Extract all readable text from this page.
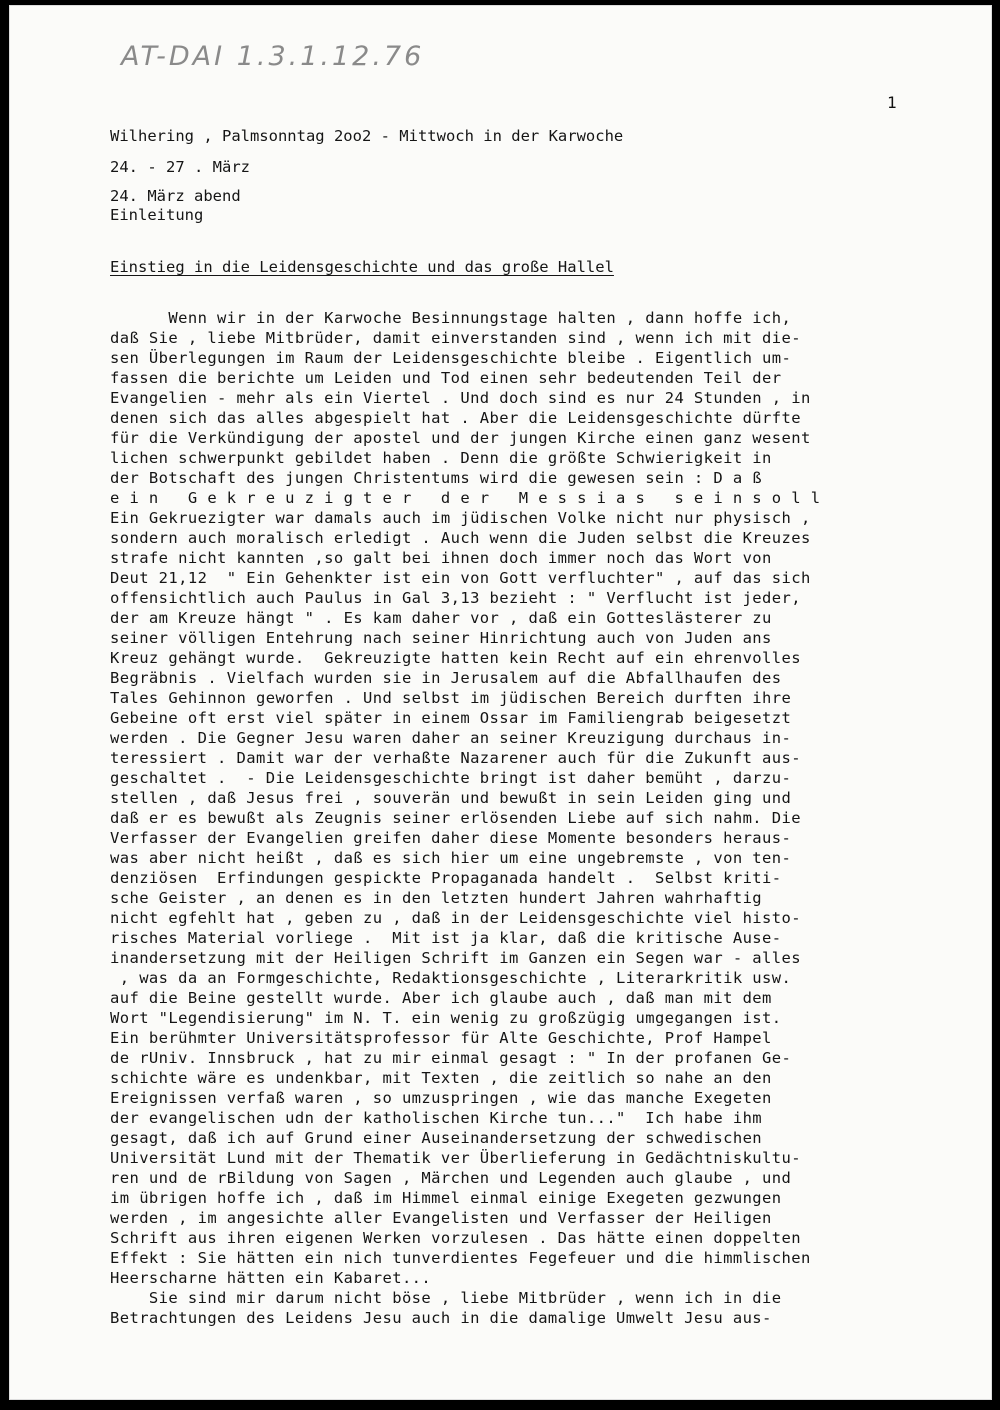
AT-DAI 1.3.1.12.76
1
Wilhering , Palmsonntag 2oo2 - Mittwoch in der Karwoche
24. - 27 . März
24. März abend
Einleitung
Einstieg in die Leidensgeschichte und das große Hallel
Wenn wir in der Karwoche Besinnungstage halten , dann hoffe ich,
daß Sie , liebe Mitbrüder, damit einverstanden sind , wenn ich mit die-
sen Überlegungen im Raum der Leidensgeschichte bleibe . Eigentlich um-
fassen die berichte um Leiden und Tod einen sehr bedeutenden Teil der
Evangelien - mehr als ein Viertel . Und doch sind es nur 24 Stunden , in
denen sich das alles abgespielt hat . Aber die Leidensgeschichte dürfte
für die Verkündigung der apostel und der jungen Kirche einen ganz wesent
lichen schwerpunkt gebildet haben . Denn die größte Schwierigkeit in
der Botschaft des jungen Christentums wird die gewesen sein : D a ß
e i n   G e k r e u z i g t e r   d e r   M e s s i a s   s e i n s o l l
Ein Gekruezigter war damals auch im jüdischen Volke nicht nur physisch ,
sondern auch moralisch erledigt . Auch wenn die Juden selbst die Kreuzes
strafe nicht kannten ,so galt bei ihnen doch immer noch das Wort von
Deut 21,12  " Ein Gehenkter ist ein von Gott verfluchter" , auf das sich
offensichtlich auch Paulus in Gal 3,13 bezieht : " Verflucht ist jeder,
der am Kreuze hängt " . Es kam daher vor , daß ein Gotteslästerer zu
seiner völligen Entehrung nach seiner Hinrichtung auch von Juden ans
Kreuz gehängt wurde.  Gekreuzigte hatten kein Recht auf ein ehrenvolles
Begräbnis . Vielfach wurden sie in Jerusalem auf die Abfallhaufen des
Tales Gehinnon geworfen . Und selbst im jüdischen Bereich durften ihre
Gebeine oft erst viel später in einem Ossar im Familiengrab beigesetzt
werden . Die Gegner Jesu waren daher an seiner Kreuzigung durchaus in-
teressiert . Damit war der verhaßte Nazarener auch für die Zukunft aus-
geschaltet .  - Die Leidensgeschichte bringt ist daher bemüht , darzu-
stellen , daß Jesus frei , souverän und bewußt in sein Leiden ging und
daß er es bewußt als Zeugnis seiner erlösenden Liebe auf sich nahm. Die
Verfasser der Evangelien greifen daher diese Momente besonders heraus-
was aber nicht heißt , daß es sich hier um eine ungebremste , von ten-
denziösen  Erfindungen gespickte Propaganada handelt .  Selbst kriti-
sche Geister , an denen es in den letzten hundert Jahren wahrhaftig
nicht egfehlt hat , geben zu , daß in der Leidensgeschichte viel histo-
risches Material vorliege .  Mit ist ja klar, daß die kritische Ause-
inandersetzung mit der Heiligen Schrift im Ganzen ein Segen war - alles
, was da an Formgeschichte, Redaktionsgeschichte , Literarkritik usw.
auf die Beine gestellt wurde. Aber ich glaube auch , daß man mit dem
Wort "Legendisierung" im N. T. ein wenig zu großzügig umgegangen ist.
Ein berühmter Universitätsprofessor für Alte Geschichte, Prof Hampel
de rUniv. Innsbruck , hat zu mir einmal gesagt : " In der profanen Ge-
schichte wäre es undenkbar, mit Texten , die zeitlich so nahe an den
Ereignissen verfaß waren , so umzuspringen , wie das manche Exegeten
der evangelischen udn der katholischen Kirche tun..."  Ich habe ihm
gesagt, daß ich auf Grund einer Auseinandersetzung der schwedischen
Universität Lund mit der Thematik ver Überlieferung in Gedächtniskultu-
ren und de rBildung von Sagen , Märchen und Legenden auch glaube , und
im übrigen hoffe ich , daß im Himmel einmal einige Exegeten gezwungen
werden , im angesichte aller Evangelisten und Verfasser der Heiligen
Schrift aus ihren eigenen Werken vorzulesen . Das hätte einen doppelten
Effekt : Sie hätten ein nich tunverdientes Fegefeuer und die himmlischen
Heerscharne hätten ein Kabaret...
Sie sind mir darum nicht böse , liebe Mitbrüder , wenn ich in die
Betrachtungen des Leidens Jesu auch in die damalige Umwelt Jesu aus-
